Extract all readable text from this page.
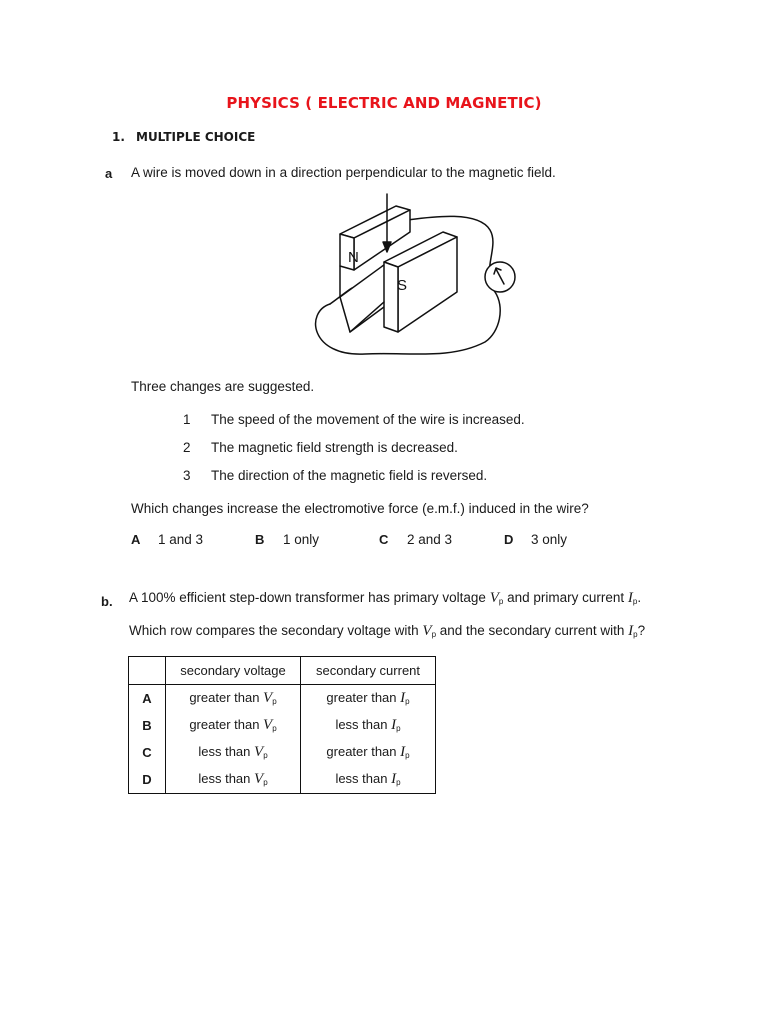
PHYSICS ( ELECTRIC AND MAGNETIC)
1. MULTIPLE CHOICE
a A wire is moved down in a direction perpendicular to the magnetic field.
N
S
Three changes are suggested.
1 The speed of the movement of the wire is increased.
2 The magnetic field strength is decreased.
3 The direction of the magnetic field is reversed.
Which changes increase the electromotive force (e.m.f.) induced in the wire?
A 1 and 3	B 1 only	C 2 and 3	D 3 only
b. A 100% efficient step-down transformer has primary voltage $V_p$ and primary current $I_p$.
Which row compares the secondary voltage with $V_p$ and the secondary current with $I_p$?
	secondary voltage	secondary current
A	greater than $V_p$	greater than $I_p$
B	greater than $V_p$	less than $I_p$
C	less than $V_p$	greater than $I_p$
D	less than $V_p$	less than $I_p$
